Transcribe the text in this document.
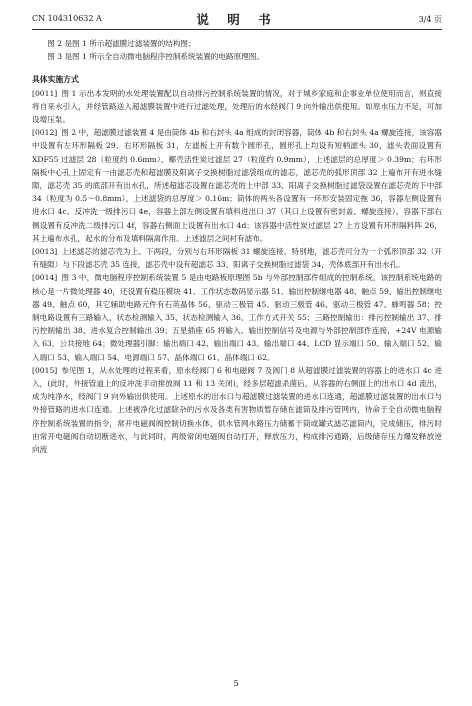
CN 104310632 A	说 明 书	3/4 页

图 2 是图 1 所示超滤膜过滤装置的结构图；

图 3 是图 1 所示全自动微电脑程序控制系统装置的电路原理图。

具体实施方式

[0011] 图 1 示出本发明的水处理装置配以自动排污控制系统装置的情况，对于城乡家庭和企事业单位使用而言，则直接将自来水引入，并经管路送入超滤膜装置中进行过滤处理，处理后的水经阀门 9 向外输出供使用。如原水压力不足，可加设增压泵。

[0012] 图 2 中，超滤膜过滤装置 4 是由筒体 4b 和右封头 4a 组成的封闭容器，筒体 4b 和右封头 4a 螺旋连接，该容器中设置有左环形隔板 29、右环形隔板 31，左滤板上开有数个圆形孔，圆形孔上均设有短柄滤头 30，滤头表面设置有 XDF55 过滤层 28（粒度约 0.6mm）、椰壳活性炭过滤层 27（粒度约 0.9mm），上述滤层的总厚度＞ 0.39m；右环形隔板中心孔上固定有一由滤芯壳和超滤膜及阳离子交换树脂过滤袋组成的滤芯，滤芯壳的弧形顶部 32 上遍布开有进水缝隙，滤芯壳 35 的底部开有出水孔，所述超滤芯设置在滤芯壳的上中部 33、阳离子交换树脂过滤袋设置在滤芯壳的下中部 34（粒度为 0.5～0.8mm），上述滤袋的总厚度＞ 0.16m；筒体的两头各设置有一环形安装固定拖 36，容器左侧设置有进水口 4c、反冲洗一级排污口 4e，容器上部左侧设置有填料进出口 37（其口上设置有密封盖、螺旋连接），容器下部右侧设置有反冲洗二级排污口 4f，容器右侧面上设置有出水口 4d；该容器中活性炭过滤层 27 上方设置有环形隔料阵 26，其上遍布水孔，起水的分布及填料隔离作用。上述滤层之间衬有滤布。

[0013] 上述滤芯的滤芯壳为上、下两段，分别与右环形隔板 31 螺旋连接。特别地，滤芯壳可分为一个弧形顶部 32（开有缝隙）与下段滤芯壳 35 连接，滤芯壳中设有超滤芯 33、阳离子交换树脂过滤袋 34，壳体底部开有出水孔。

[0014] 图 3 中，微电脑程序控制系统装置 5 是由电路板原理图 5b 与外部控制部件组成的控制系统，该控制系统电路的核心是一片微处理器 40，还设置有稳压模块 41、工作状态数码显示器 51、输出控制继电器 48、触点 59、输出控制继电器 49、触点 60，其它辅助电路元件有石英晶体 56、驱动三极管 45、驱动三极管 46、驱动三极管 47、蜂鸣器 58；控制电路设置有三路输入，状态检测输入 35、状态检测输入 36、工作方式开关 55；三路控制输出：排污控制输出 37、排污控制输出 38、进水复合控制输出 39；五星插座 65 将输入、输出控制信号及电源与外部控制部件连接，+24V 电源输入 63，公共接地 64；微处理器引脚：输出端口 42、输出端口 43、输出端口 44、LCD 显示端口 50、输入端口 52、输入端口 53、输入端口 54、电源端口 57、晶体端口 61、晶体端口 62。

[0015] 参见图 1，从水处理的过程来看，原水经阀门 6 和电磁阀 7 及阀门 8 从超滤膜过滤装置的容器上的进水口 4c 进入，(此时，外接管道上的反冲洗手动排放阀 11 和 13 关闭)，经多层超滤杀菌后，从容器的右侧面上的出水口 4d 流出，成为纯净水，经阀门 9 向外输出供使用。上述原水的出水口与超滤膜过滤装置的进水口连通，超滤膜过滤装置的出水口与外接管路的进水口连通。上述被净化过滤除杂的污水及各类有害物质暂存储在滤筒及排污管网内，待命于全自动微电脑程序控制系统装置的指令，常开电磁阀阀控制切换水体，供水管网水路压力储蓄于筒或罐式滤芯滤筒内，完成储压，排污时由常开电磁阀自动切断进水，与此同时，两级常闭电磁阀自动打开，释放压力，构成排污通路，后级储存压力爆发释放逆向流

5
